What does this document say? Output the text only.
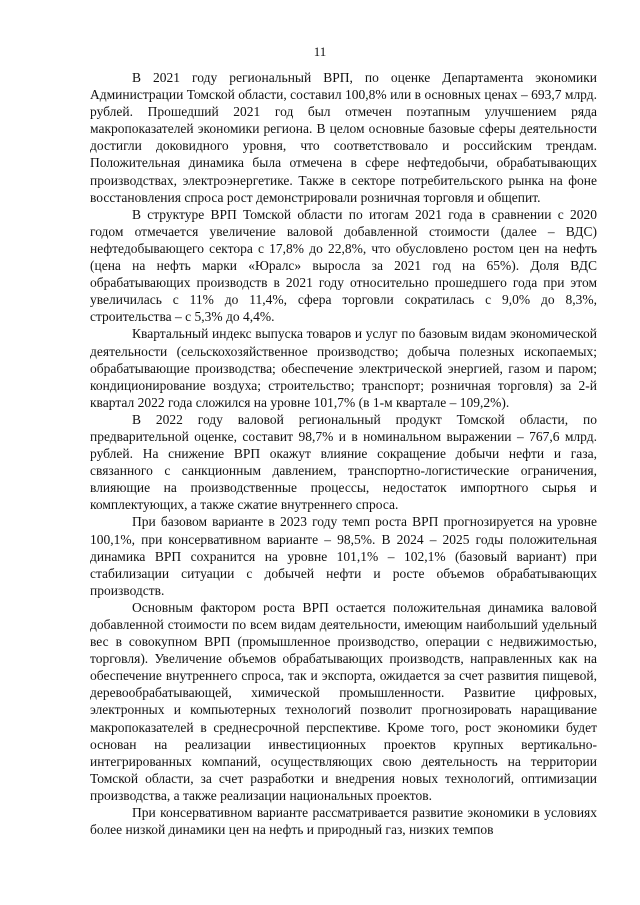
11

В 2021 году региональный ВРП, по оценке Департамента экономики Администрации Томской области, составил 100,8% или в основных ценах – 693,7 млрд. рублей. Прошедший 2021 год был отмечен поэтапным улучшением ряда макропоказателей экономики региона. В целом основные базовые сферы деятельности достигли доковидного уровня, что соответствовало и российским трендам. Положительная динамика была отмечена в сфере нефтедобычи, обрабатывающих производствах, электроэнергетике. Также в секторе потребительского рынка на фоне восстановления спроса рост демонстрировали розничная торговля и общепит.

В структуре ВРП Томской области по итогам 2021 года в сравнении с 2020 годом отмечается увеличение валовой добавленной стоимости (далее – ВДС) нефтедобывающего сектора с 17,8% до 22,8%, что обусловлено ростом цен на нефть (цена на нефть марки «Юралс» выросла за 2021 год на 65%). Доля ВДС обрабатывающих производств в 2021 году относительно прошедшего года при этом увеличилась с 11% до 11,4%, сфера торговли сократилась с 9,0% до 8,3%, строительства – с 5,3% до 4,4%.

Квартальный индекс выпуска товаров и услуг по базовым видам экономической деятельности (сельскохозяйственное производство; добыча полезных ископаемых; обрабатывающие производства; обеспечение электрической энергией, газом и паром; кондиционирование воздуха; строительство; транспорт; розничная торговля) за 2-й квартал 2022 года сложился на уровне 101,7% (в 1-м квартале – 109,2%).

В 2022 году валовой региональный продукт Томской области, по предварительной оценке, составит 98,7% и в номинальном выражении – 767,6 млрд. рублей. На снижение ВРП окажут влияние сокращение добычи нефти и газа, связанного с санкционным давлением, транспортно-логистические ограничения, влияющие на производственные процессы, недостаток импортного сырья и комплектующих, а также сжатие внутреннего спроса.

При базовом варианте в 2023 году темп роста ВРП прогнозируется на уровне 100,1%, при консервативном варианте – 98,5%. В 2024 – 2025 годы положительная динамика ВРП сохранится на уровне 101,1% – 102,1% (базовый вариант) при стабилизации ситуации с добычей нефти и росте объемов обрабатывающих производств.

Основным фактором роста ВРП остается положительная динамика валовой добавленной стоимости по всем видам деятельности, имеющим наибольший удельный вес в совокупном ВРП (промышленное производство, операции с недвижимостью, торговля). Увеличение объемов обрабатывающих производств, направленных как на обеспечение внутреннего спроса, так и экспорта, ожидается за счет развития пищевой, деревообрабатывающей, химической промышленности. Развитие цифровых, электронных и компьютерных технологий позволит прогнозировать наращивание макропоказателей в среднесрочной перспективе. Кроме того, рост экономики будет основан на реализации инвестиционных проектов крупных вертикально-интегрированных компаний, осуществляющих свою деятельность на территории Томской области, за счет разработки и внедрения новых технологий, оптимизации производства, а также реализации национальных проектов.

При консервативном варианте рассматривается развитие экономики в условиях более низкой динамики цен на нефть и природный газ, низких темпов
